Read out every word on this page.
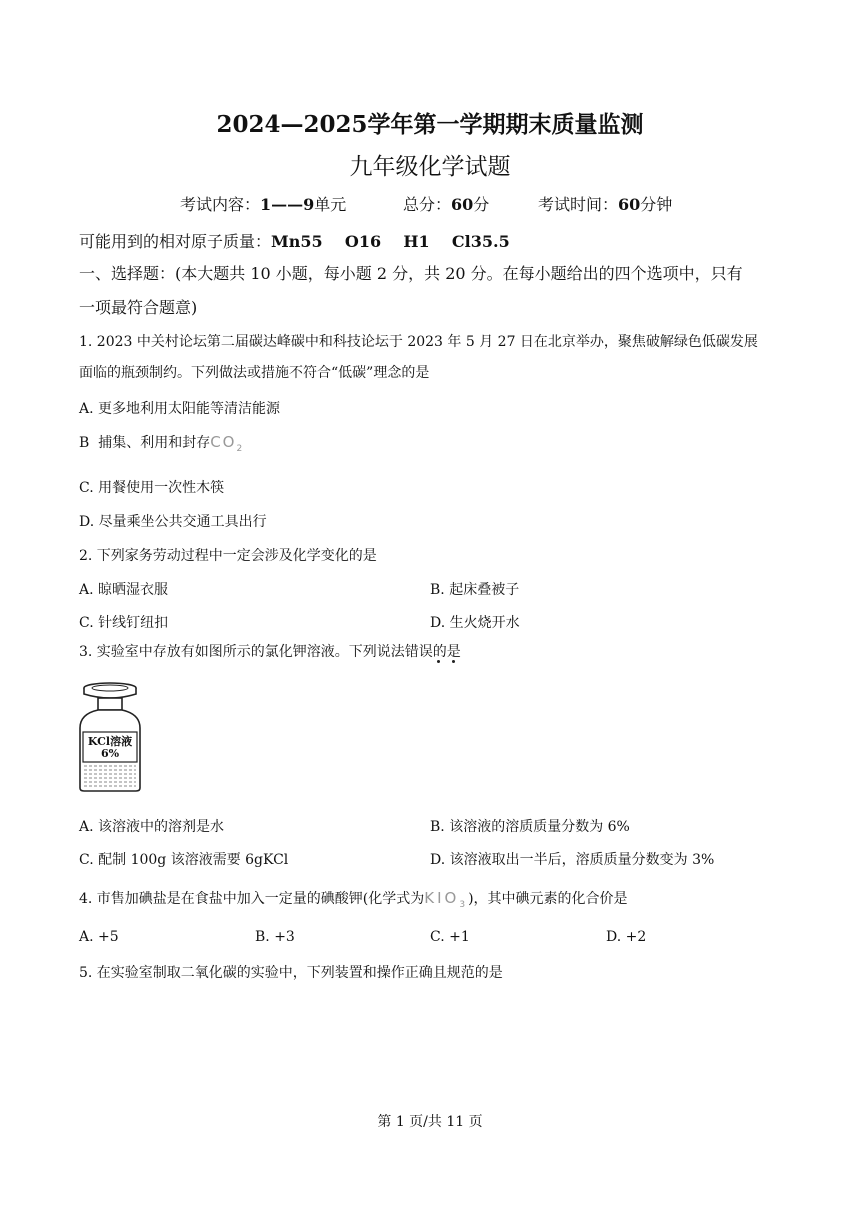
2024—2025学年第一学期期末质量监测
九年级化学试题
考试内容：1——9单元	总分：60分	考试时间：60分钟
可能用到的相对原子质量：Mn55    O16    H1    Cl35.5
一、选择题：(本大题共 10 小题，每小题 2 分，共 20 分。在每小题给出的四个选项中，只有
一项最符合题意)
1. 2023 中关村论坛第二届碳达峰碳中和科技论坛于 2023 年 5 月 27 日在北京举办，聚焦破解绿色低碳发展
面临的瓶颈制约。下列做法或措施不符合“低碳”理念的是
A. 更多地利用太阳能等清洁能源
B  捕集、利用和封存$CO_2$
C. 用餐使用一次性木筷
D. 尽量乘坐公共交通工具出行
2. 下列家务劳动过程中一定会涉及化学变化的是
A. 晾晒湿衣服	B. 起床叠被子
C. 针线钉纽扣	D. 生火烧开水
3. 实验室中存放有如图所示的氯化钾溶液。下列说法错误的是
KCl溶液
6%
A. 该溶液中的溶剂是水	B. 该溶液的溶质质量分数为 6%
C. 配制 100g 该溶液需要 6gKCl	D. 该溶液取出一半后，溶质质量分数变为 3%
4. 市售加碘盐是在食盐中加入一定量的碘酸钾(化学式为$KIO_3$)，其中碘元素的化合价是
A. +5	B. +3	C. +1	D. +2
5. 在实验室制取二氧化碳的实验中，下列装置和操作正确且规范的是
第 1 页/共 11 页
